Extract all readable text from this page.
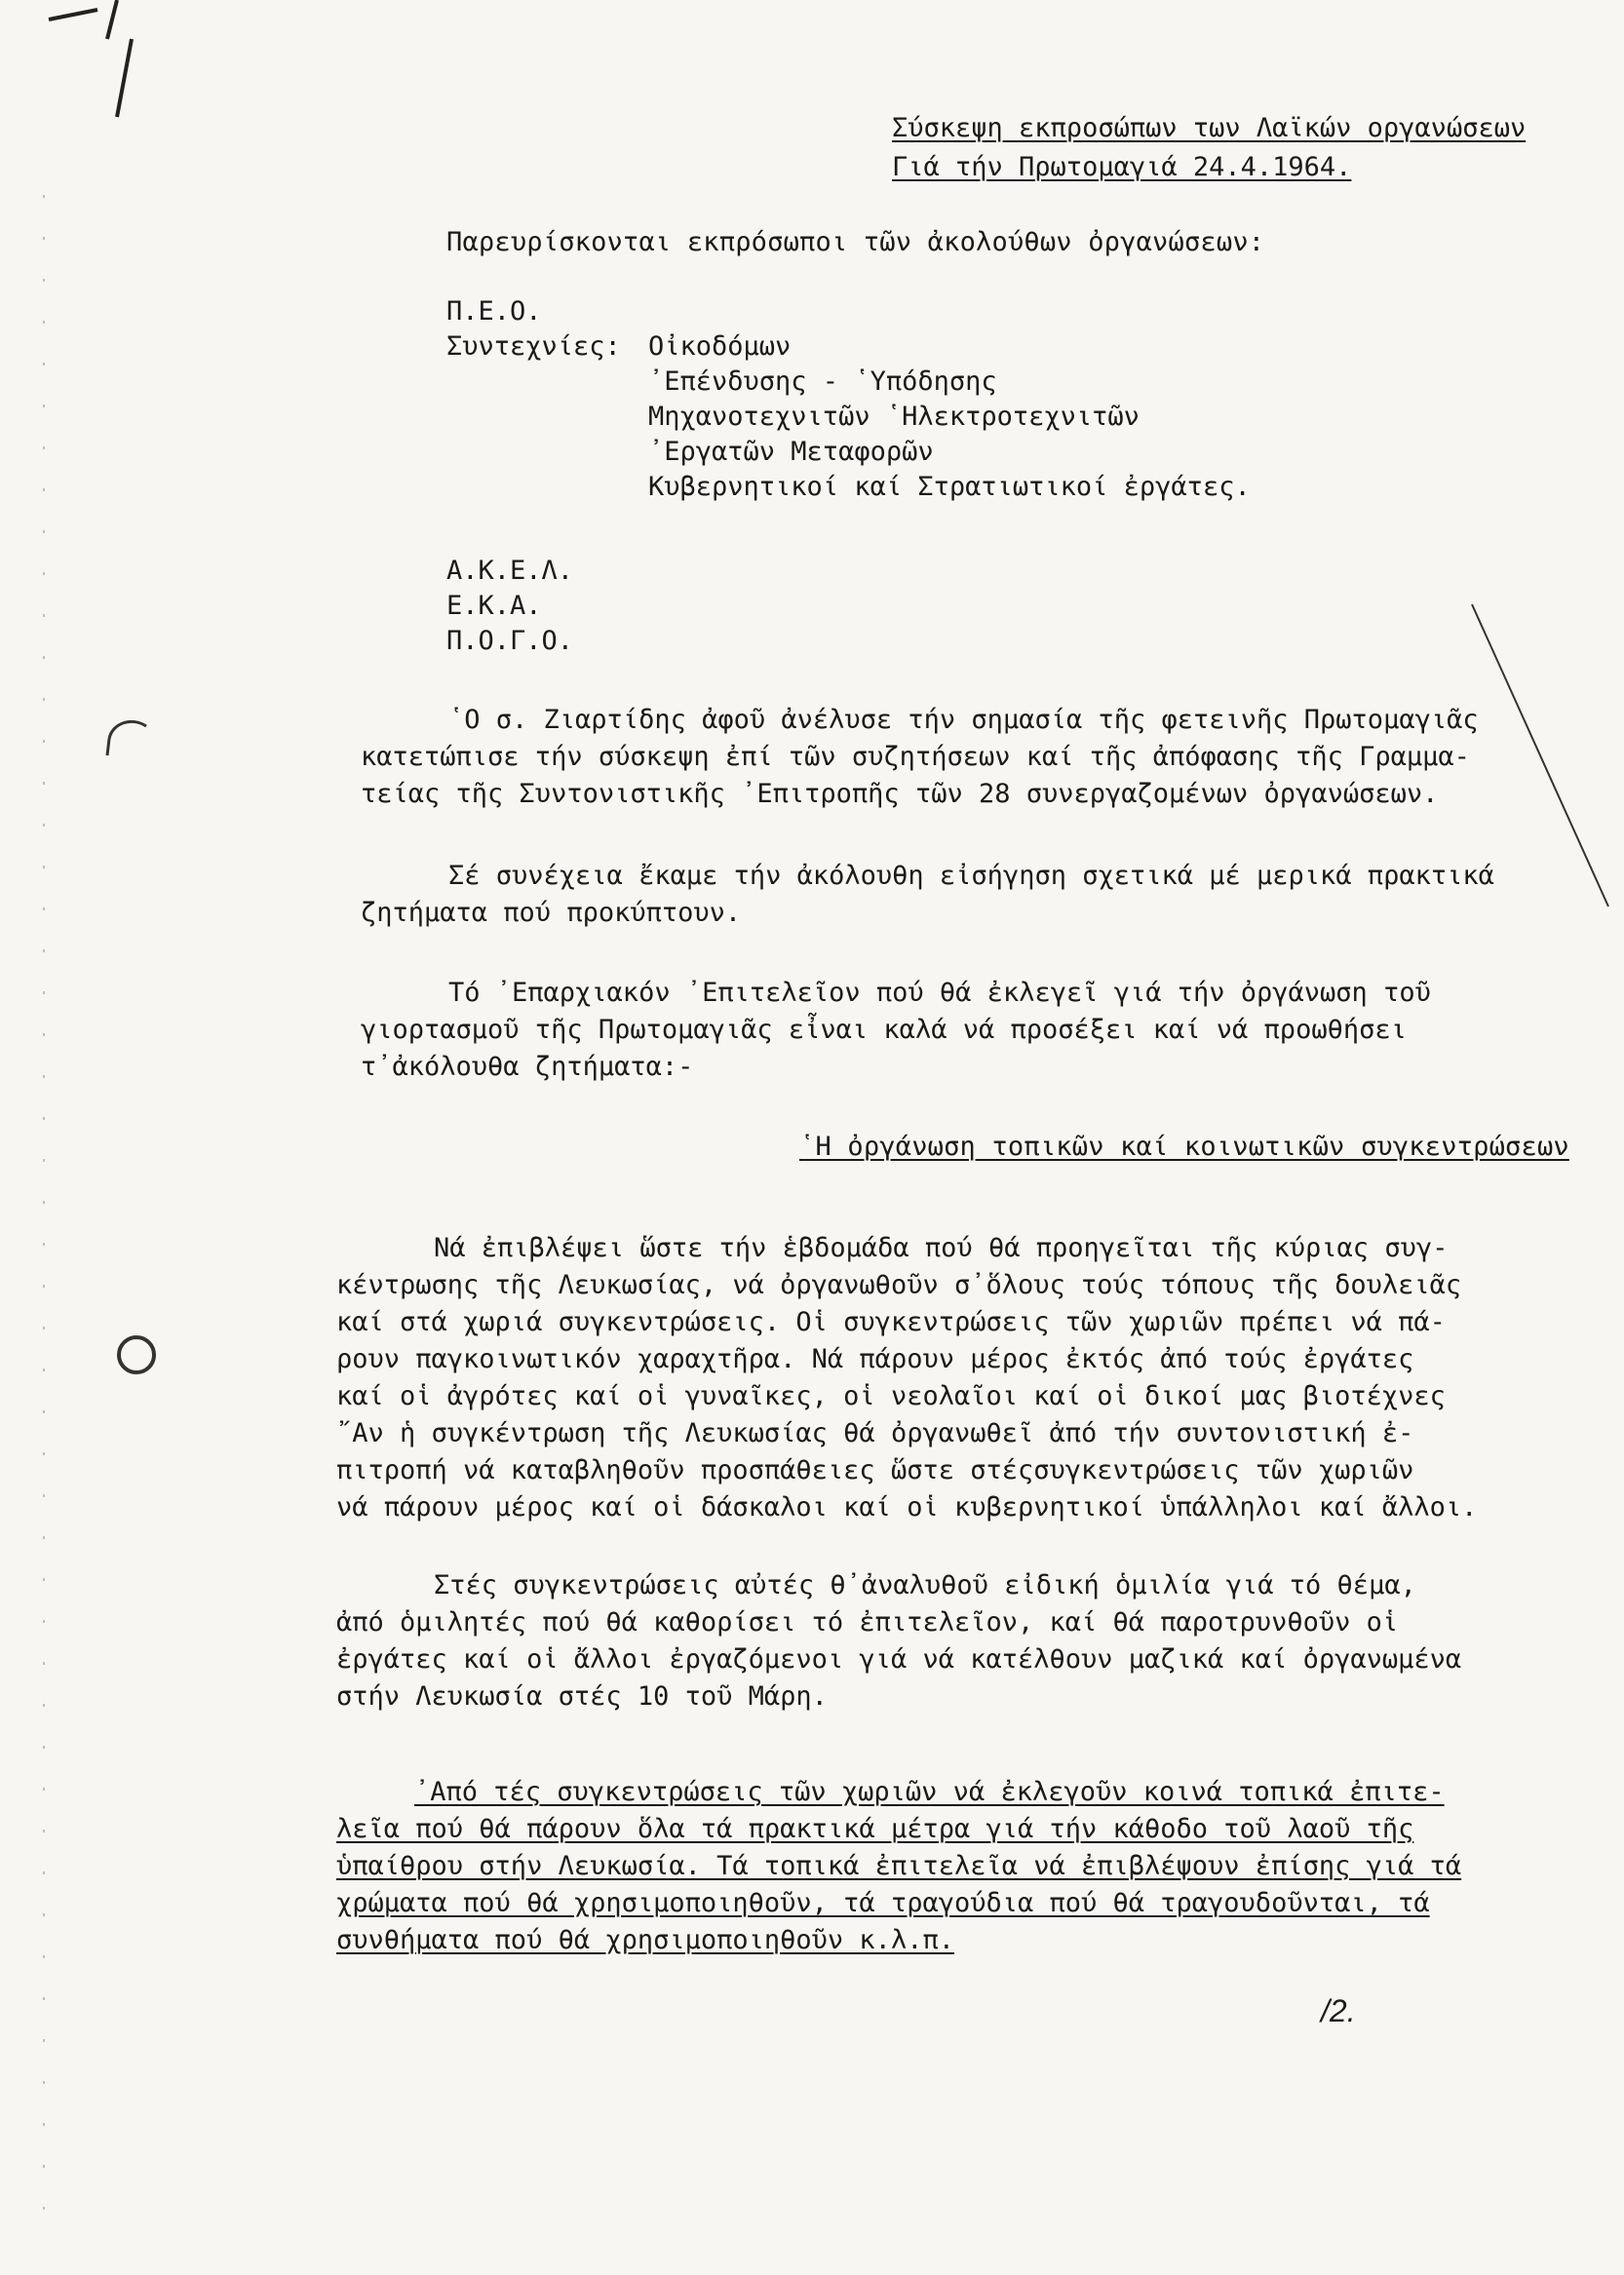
Σύσκεψη εκπροσώπων των Λαϊκών οργανώσεων
Γιά τήν Πρωτομαγιά 24.4.1964.
Παρευρίσκονται εκπρόσωποι τῶν ἀκολούθων ὀργανώσεων:
Π.Ε.Ο.
Συντεχνίες: Οἰκοδόμων
᾿Επένδυσης - ῾Υπόδησης
Μηχανοτεχνιτῶν ῾Ηλεκτροτεχνιτῶν
᾿Εργατῶν Μεταφορῶν
Κυβερνητικοί καί Στρατιωτικοί ἐργάτες.
Α.Κ.Ε.Λ.
Ε.Κ.Α.
Π.Ο.Γ.Ο.
῾Ο σ. Ζιαρτίδης ἀφοῦ ἀνέλυσε τήν σημασία τῆς φετεινῆς Πρωτομαγιᾶς
κατετώπισε τήν σύσκεψη ἐπί τῶν συζητήσεων καί τῆς ἀπόφασης τῆς Γραμμα-
τείας τῆς Συντονιστικῆς ᾿Επιτροπῆς τῶν 28 συνεργαζομένων ὀργανώσεων.
Σέ συνέχεια ἔκαμε τήν ἀκόλουθη εἰσήγηση σχετικά μέ μερικά πρακτικά
ζητήματα πού προκύπτουν.
Τό ᾿Επαρχιακόν ᾿Επιτελεῖον πού θά ἐκλεγεῖ γιά τήν ὀργάνωση τοῦ
γιορτασμοῦ τῆς Πρωτομαγιᾶς εἶναι καλά νά προσέξει καί νά προωθήσει
τ᾿ἀκόλουθα ζητήματα:-
῾Η ὀργάνωση τοπικῶν καί κοινωτικῶν συγκεντρώσεων
Νά ἐπιβλέψει ὥστε τήν ἑβδομάδα πού θά προηγεῖται τῆς κύριας συγ-
κέντρωσης τῆς Λευκωσίας, νά ὀργανωθοῦν σ᾿ὅλους τούς τόπους τῆς δουλειᾶς
καί στά χωριά συγκεντρώσεις. Οἱ συγκεντρώσεις τῶν χωριῶν πρέπει νά πά-
ρουν παγκοινωτικόν χαραχτῆρα. Νά πάρουν μέρος ἐκτός ἀπό τούς ἐργάτες
καί οἱ ἀγρότες καί οἱ γυναῖκες, οἱ νεολαῖοι καί οἱ δικοί μας βιοτέχνες
῎Αν ἡ συγκέντρωση τῆς Λευκωσίας θά ὀργανωθεῖ ἀπό τήν συντονιστική ἐ-
πιτροπή νά καταβληθοῦν προσπάθειες ὥστε στέςσυγκεντρώσεις τῶν χωριῶν
νά πάρουν μέρος καί οἱ δάσκαλοι καί οἱ κυβερνητικοί ὑπάλληλοι καί ἄλλοι.
Στές συγκεντρώσεις αὐτές θ᾿ἀναλυθοῦ εἰδική ὁμιλία γιά τό θέμα,
ἀπό ὁμιλητές πού θά καθορίσει τό ἐπιτελεῖον, καί θά παροτρυνθοῦν οἱ
ἐργάτες καί οἱ ἄλλοι ἐργαζόμενοι γιά νά κατέλθουν μαζικά καί ὀργανωμένα
στήν Λευκωσία στές 10 τοῦ Μάρη.
᾿Από τές συγκεντρώσεις τῶν χωριῶν νά ἐκλεγοῦν κοινά τοπικά ἐπιτε-
λεῖα πού θά πάρουν ὅλα τά πρακτικά μέτρα γιά τήν κάθοδο τοῦ λαοῦ τῆς
ὑπαίθρου στήν Λευκωσία. Τά τοπικά ἐπιτελεῖα νά ἐπιβλέψουν ἐπίσης γιά τά
χρώματα πού θά χρησιμοποιηθοῦν, τά τραγούδια πού θά τραγουδοῦνται, τά
συνθήματα πού θά χρησιμοποιηθοῦν κ.λ.π.
/2.
